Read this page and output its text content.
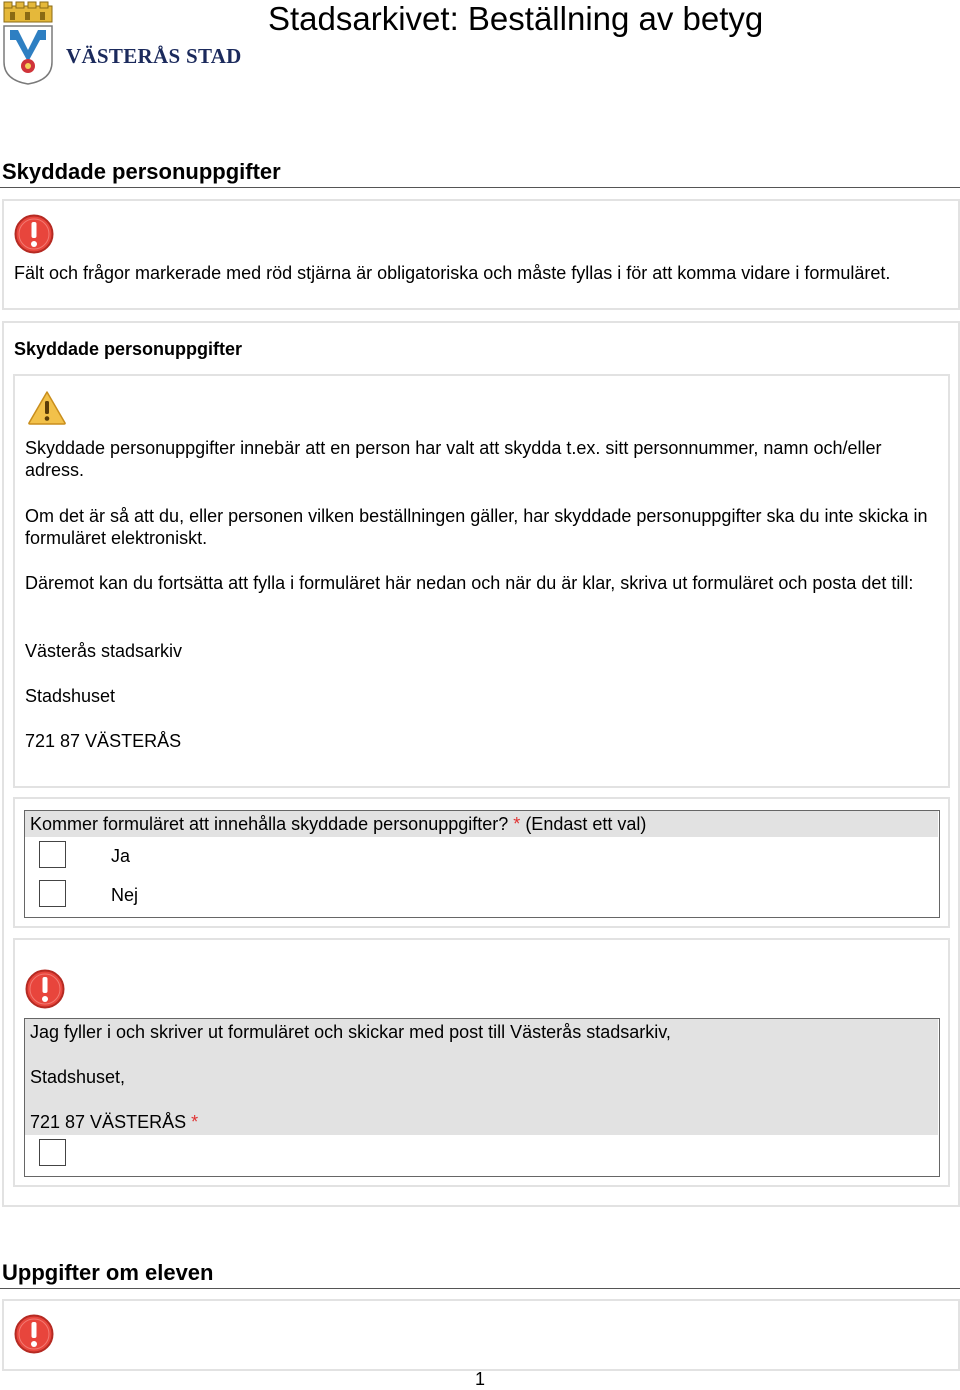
VÄSTERÅS STAD
Stadsarkivet: Beställning av betyg
Skyddade personuppgifter
Fält och frågor markerade med röd stjärna är obligatoriska och måste fyllas i för att komma vidare i formuläret.
Skyddade personuppgifter
Skyddade personuppgifter innebär att en person har valt att skydda t.ex. sitt personnummer, namn och/eller adress.
Om det är så att du, eller personen vilken beställningen gäller, har skyddade personuppgifter ska du inte skicka in formuläret elektroniskt.
Däremot kan du fortsätta att fylla i formuläret här nedan och när du är klar, skriva ut formuläret och posta det till:
Västerås stadsarkiv
Stadshuset
721 87 VÄSTERÅS
Kommer formuläret att innehålla skyddade personuppgifter? * (Endast ett val)
Ja
Nej
Jag fyller i och skriver ut formuläret och skickar med post till Västerås stadsarkiv,
Stadshuset,
721 87 VÄSTERÅS *
Uppgifter om eleven
1
